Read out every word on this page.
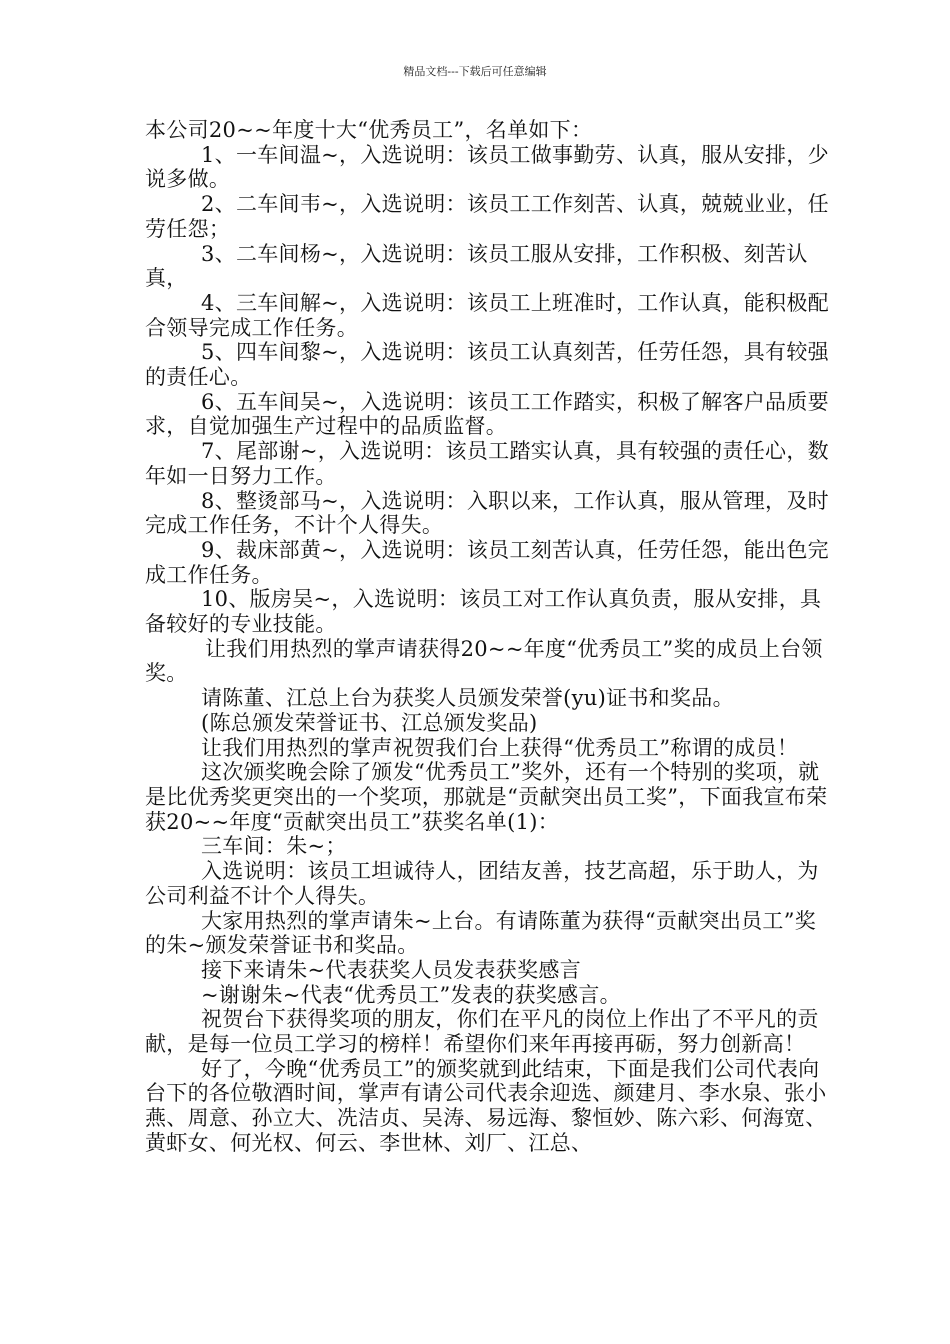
精品文档---下载后可任意编辑

本公司20~~年度十大“优秀员工”，名单如下：

1、一车间温~，入选说明：该员工做事勤劳、认真，服从安排，少说多做。

2、二车间韦~，入选说明：该员工工作刻苦、认真，兢兢业业，任劳任怨；

3、二车间杨~，入选说明：该员工服从安排，工作积极、刻苦认真，

4、三车间解~，入选说明：该员工上班准时，工作认真，能积极配合领导完成工作任务。

5、四车间黎~，入选说明：该员工认真刻苦，任劳任怨，具有较强的责任心。

6、五车间吴~，入选说明：该员工工作踏实，积极了解客户品质要求，自觉加强生产过程中的品质监督。

7、尾部谢~，入选说明：该员工踏实认真，具有较强的责任心，数年如一日努力工作。

8、整烫部马~，入选说明：入职以来，工作认真，服从管理，及时完成工作任务，不计个人得失。

9、裁床部黄~，入选说明：该员工刻苦认真，任劳任怨，能出色完成工作任务。

10、版房吴~，入选说明：该员工对工作认真负责，服从安排，具备较好的专业技能。

让我们用热烈的掌声请获得20~~年度“优秀员工”奖的成员上台领奖。

请陈董、江总上台为获奖人员颁发荣誉(yu)证书和奖品。

(陈总颁发荣誉证书、江总颁发奖品)

让我们用热烈的掌声祝贺我们台上获得“优秀员工”称谓的成员！

这次颁奖晚会除了颁发“优秀员工”奖外，还有一个特别的奖项，就是比优秀奖更突出的一个奖项，那就是“贡献突出员工奖”，下面我宣布荣获20~~年度“贡献突出员工”获奖名单(1)：

三车间：朱~；

入选说明：该员工坦诚待人，团结友善，技艺高超，乐于助人，为公司利益不计个人得失。

大家用热烈的掌声请朱~上台。有请陈董为获得“贡献突出员工”奖的朱~颁发荣誉证书和奖品。

接下来请朱~代表获奖人员发表获奖感言

~谢谢朱~代表“优秀员工”发表的获奖感言。

祝贺台下获得奖项的朋友，你们在平凡的岗位上作出了不平凡的贡献，是每一位员工学习的榜样！希望你们来年再接再砺，努力创新高！

好了，今晚“优秀员工”的颁奖就到此结束，下面是我们公司代表向台下的各位敬酒时间，掌声有请公司代表余迎选、颜建月、李水泉、张小燕、周意、孙立大、冼洁贞、吴涛、易远海、黎恒妙、陈六彩、何海宽、黄虾女、何光权、何云、李世林、刘厂、江总、
